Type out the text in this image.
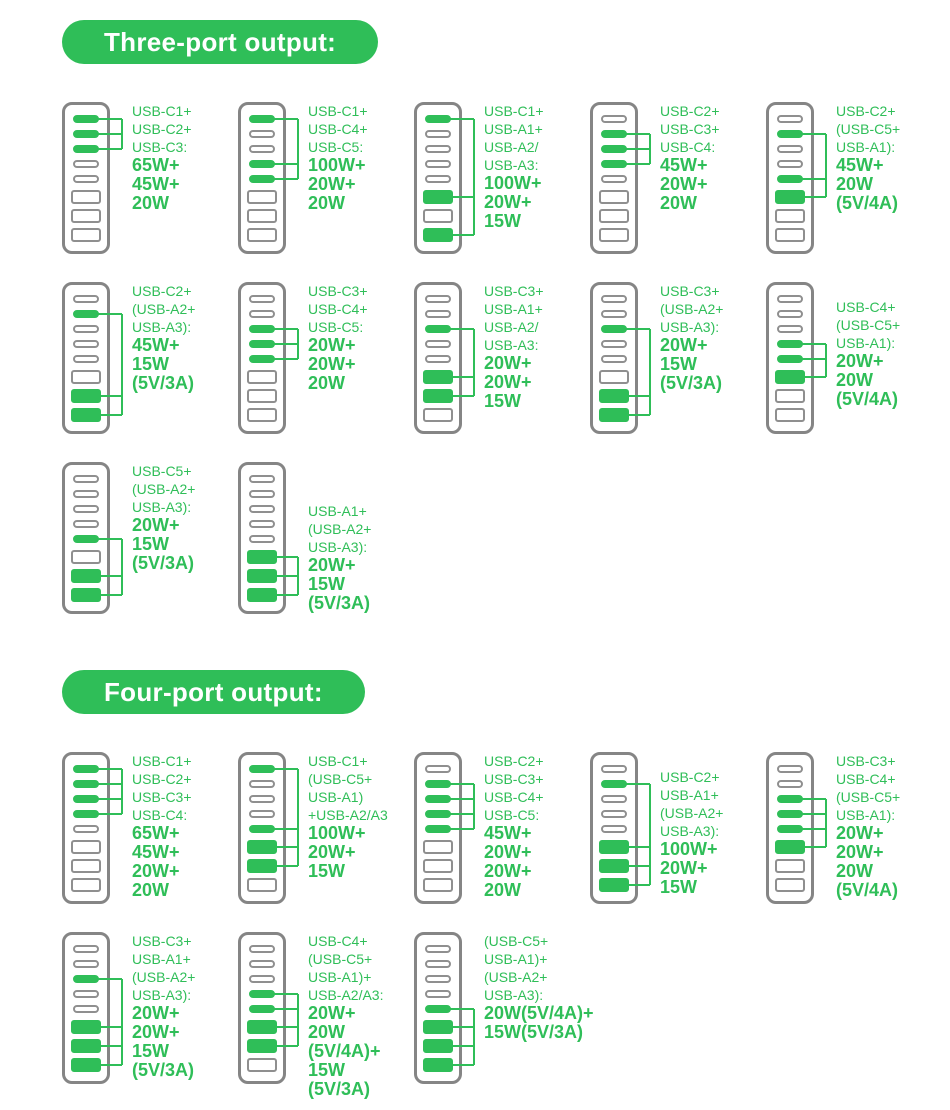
Three-port output:
USB-C1+
USB-C2+
USB-C3:
65W+
45W+
20W
USB-C1+
USB-C4+
USB-C5:
100W+
20W+
20W
USB-C1+
USB-A1+
USB-A2/
USB-A3:
100W+
20W+
15W
USB-C2+
USB-C3+
USB-C4:
45W+
20W+
20W
USB-C2+
(USB-C5+
USB-A1):
45W+
20W
(5V/4A)
USB-C2+
(USB-A2+
USB-A3):
45W+
15W
(5V/3A)
USB-C3+
USB-C4+
USB-C5:
20W+
20W+
20W
USB-C3+
USB-A1+
USB-A2/
USB-A3:
20W+
20W+
15W
USB-C3+
(USB-A2+
USB-A3):
20W+
15W
(5V/3A)
USB-C4+
(USB-C5+
USB-A1):
20W+
20W
(5V/4A)
USB-C5+
(USB-A2+
USB-A3):
20W+
15W
(5V/3A)
USB-A1+
(USB-A2+
USB-A3):
20W+
15W
(5V/3A)
Four-port output:
USB-C1+
USB-C2+
USB-C3+
USB-C4:
65W+
45W+
20W+
20W
USB-C1+
(USB-C5+
USB-A1)
+USB-A2/A3
100W+
20W+
15W
USB-C2+
USB-C3+
USB-C4+
USB-C5:
45W+
20W+
20W+
20W
USB-C2+
USB-A1+
(USB-A2+
USB-A3):
100W+
20W+
15W
USB-C3+
USB-C4+
(USB-C5+
USB-A1):
20W+
20W+
20W
(5V/4A)
USB-C3+
USB-A1+
(USB-A2+
USB-A3):
20W+
20W+
15W
(5V/3A)
USB-C4+
(USB-C5+
USB-A1)+
USB-A2/A3:
20W+
20W
(5V/4A)+
15W
(5V/3A)
(USB-C5+
USB-A1)+
(USB-A2+
USB-A3):
20W(5V/4A)+
15W(5V/3A)
